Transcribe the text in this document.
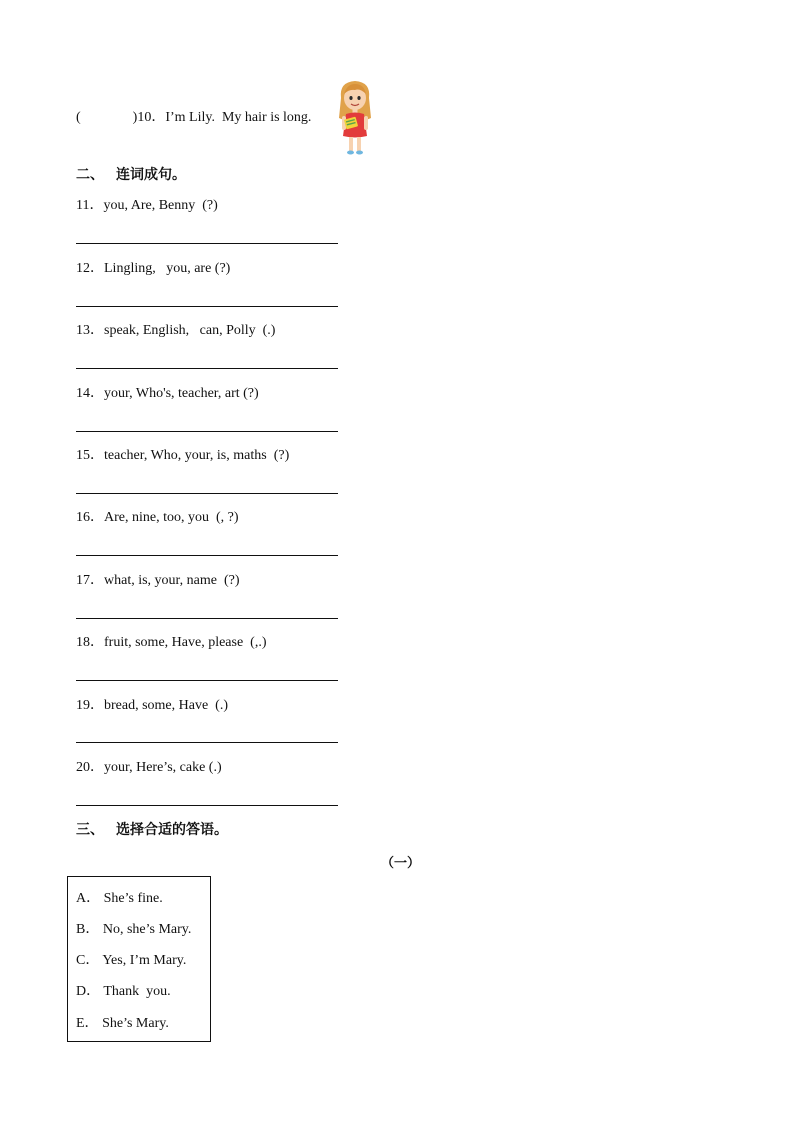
(	)10．I’m Lily.  My hair is long.
二、 连词成句。
11．you, Are, Benny  (?)
12．Lingling,   you, are (?)
13．speak, English,   can, Polly  (.)
14．your, Who's, teacher, art (?)
15．teacher, Who, your, is, maths  (?)
16．Are, nine, too, you  (, ?)
17．what, is, your, name  (?)
18．fruit, some, Have, please  (,.)
19．bread, some, Have  (.)
20．your, Here’s, cake (.)
三、 选择合适的答语。
（一）
A． She’s fine.
B． No, she’s Mary.
C． Yes, I’m Mary.
D． Thank  you.
E． She’s Mary.
